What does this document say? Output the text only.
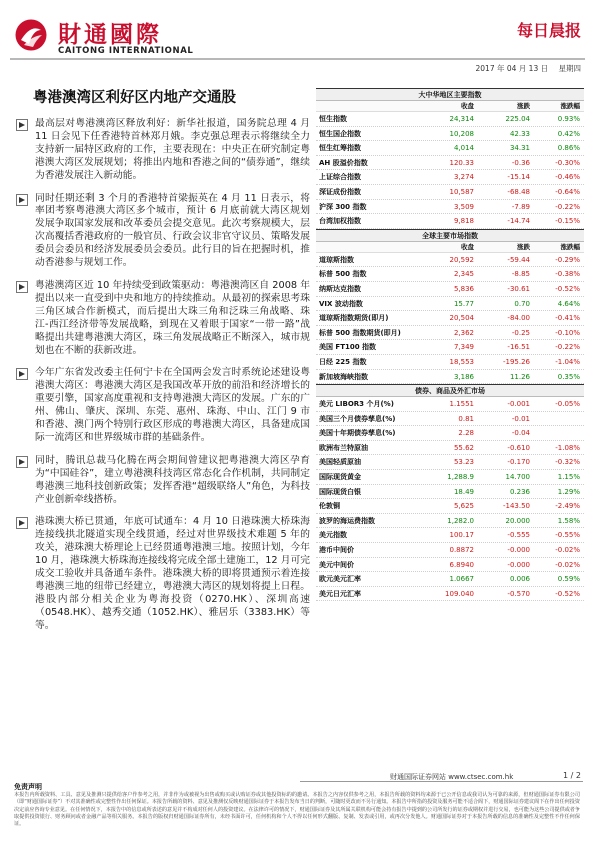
財通國際
CAITONG INTERNATIONAL
每日晨报
2017 年 04 月 13 日 星期四
粤港澳湾区利好区内地产交通股
最高层对粤港澳湾区释放利好：新华社报道，国务院总理 4 月 11 日会见下任香港特首林郑月娥。李克强总理表示将继续全力支持新一届特区政府的工作，主要表现在：中央正在研究制定粤港澳大湾区发展规划；将推出内地和香港之间的“债券通”，继续为香港发展注入新动能。
同时任期还剩 3 个月的香港特首梁振英在 4 月 11 日表示，将率团考察粤港澳大湾区多个城市，预计 6 月底前就大湾区规划发展争取国家发展和改革委员会提交意见。此次考察规模大，层次高覆括香港政府的一般官员、行政会议非官守议员、策略发展委员会委员和经济发展委员会委员。此行目的旨在把握时机，推动香港参与规划工作。
粤港澳湾区近 10 年持续受到政策驱动：粤港澳湾区自 2008 年提出以来一直受到中央和地方的持续推动。从最初的探索思考珠三角区域合作新模式，而后提出大珠三角和泛珠三角战略、珠江-西江经济带等发展战略，到现在又着眼于国家“一带一路”战略提出共建粤港澳大湾区，珠三角发展战略正不断深入，城市规划也在不断的获新改进。
今年广东省发改委主任何宁卡在全国两会发言时系统论述建设粤港澳大湾区：粤港澳大湾区是我国改革开放的前沿和经济增长的重要引擎，国家高度重视和支持粤港澳大湾区的发展。广东的广州、佛山、肇庆、深圳、东莞、惠州、珠海、中山、江门 9 市和香港、澳门两个特别行政区形成的粤港澳大湾区，具备建成国际一流湾区和世界级城市群的基础条件。
同时，腾讯总裁马化腾在两会期间曾建议把粤港澳大湾区孕育为“中国硅谷”，建立粤港澳科技湾区常态化合作机制，共同制定粤港澳三地科技创新政策；发挥香港“超级联络人”角色，为科技产业创新牵线搭桥。
港珠澳大桥已贯通，年底可试通车：4 月 10 日港珠澳大桥珠海连接线拱北隧道实现全线贯通，经过对世界级技术难题 5 年的攻关，港珠澳大桥理论上已经贯通粤港澳三地。按照计划，今年 10 月，港珠澳大桥珠海连接线将完成全部土建施工，12 月可完成交工验收并具备通车条件。港珠澳大桥的即将贯通预示着连接粤港澳三地的纽带已经建立，粤港澳大湾区的规划将提上日程。 港股内部分相关企业为粤海投资（0270.HK）、深圳高速（0548.HK）、越秀交通（1052.HK）、雅居乐（3383.HK）等等。
大中华地区主要指数
收盘	涨跌	涨跌幅
恒生指数	24,314	225.04	0.93%
恒生国企指数	10,208	42.33	0.42%
恒生红筹指数	4,014	34.31	0.86%
AH 股溢价指数	120.33	-0.36	-0.30%
上证综合指数	3,274	-15.14	-0.46%
深证成份指数	10,587	-68.48	-0.64%
沪深 300 指数	3,509	-7.89	-0.22%
台湾加权指数	9,818	-14.74	-0.15%
全球主要市场指数
收盘	涨跌	涨跌幅
道琼斯指数	20,592	-59.44	-0.29%
标普 500 指数	2,345	-8.85	-0.38%
纳斯达克指数	5,836	-30.61	-0.52%
VIX 波动指数	15.77	0.70	4.64%
道琼斯指数期货(即月)	20,504	-84.00	-0.41%
标普 500 指数期货(即月)	2,362	-0.25	-0.10%
美国 FT100 指数	7,349	-16.51	-0.22%
日经 225 指数	18,553	-195.26	-1.04%
新加坡海峡指数	3,186	11.26	0.35%
债券、商品及外汇市场
美元 LIBOR3 个月(%)	1.1551	-0.001	-0.05%
美国三个月债券孳息(%)	0.81	-0.01
美国十年期债券孳息(%)	2.28	-0.04
欧洲布兰特原油	55.62	-0.610	-1.08%
美国轻质原油	53.23	-0.170	-0.32%
国际现货黄金	1,288.9	14.700	1.15%
国际现货白银	18.49	0.236	1.29%
伦敦铜	5,625	-143.50	-2.49%
波罗的海运费指数	1,282.0	20.000	1.58%
美元指数	100.17	-0.555	-0.55%
港币中间价	0.8872	-0.000	-0.02%
美元中间价	6.8940	-0.000	-0.02%
欧元美元汇率	1.0667	0.006	0.59%
美元日元汇率	109.040	-0.570	-0.52%
财通国际证券网站 www.ctsec.com.hk	1 / 2
免责声明
本报告内所载资料、工具、意见及推测只提供给客户作参考之用，并非作为或被视为出售或购买或认购证券或其他投资标的的邀请。本报告之内容仅供参考之用，本报告所载的资料均来源于已公开信息或我司认为可靠的来源，但财通国际证券有限公司（即“财通国际证券”）不对其准确性或完整性作出任何保证。本报告所载的资料、意见及推测仅反映财通国际证券于本报告发布当日的判断，可随时更改而不另行通知。本报告中所指的投资及服务可能不适合阁下，财通国际证券建议阁下在作出任何投资决定前应咨询专业意见。在任何情况下，本报告中的信息或所表述的意见并不构成对任何人的投资建议。在法律许可的情况下，财通国际证券及其所属关联机构可能会持有报告中提到的公司所发行的证券或期权并进行交易，也可能为这些公司提供或者争取提供投资银行、财务顾问或者金融产品等相关服务。本报告的版权归财通国际证券所有，未经书面许可，任何机构和个人不得以任何形式翻版、复制、发表或引用，或再次分发他人。财通国际证券对于本报告所载的信息的准确性及完整性不作任何保证。
